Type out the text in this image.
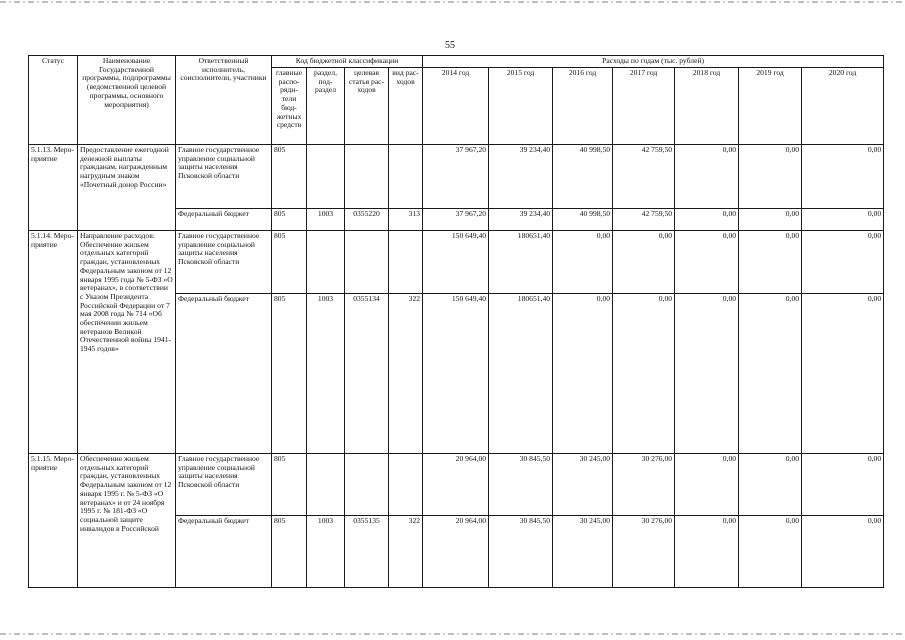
55
Статус	Наименование Государственной программы, подпрограммы (ведомственной целевой программы, основного мероприятия)	Ответственный исполнитель, соисполнители, участники	Код бюджетной классификации				Расходы по годам (тыс. рублей)						
			главные распо-ряди-тели бюд-жетных средств	раздел, под-раздел	целевая статья рас-ходов	вид рас-ходов	2014 год	2015 год	2016 год	2017 год	2018 год	2019 год	2020 год
5.1.13. Меро-приятие	Предоставление ежегодной денежной выплаты гражданам, награжденным нагрудным знаком «Почетный донор России»	Главное государственное управление социальной защиты населения Псковской области	805				37 967,20	39 234,40	40 998,50	42 759,50	0,00	0,00	0,00
		Федеральный бюджет	805	1003	0355220	313	37 967,20	39 234,40	40 998,50	42 759,50	0,00	0,00	0,00
5.1.14. Меро-приятие	Направление расходов: Обеспечение жильем отдельных категорий граждан, установленных Федеральным законом от 12 января 1995 года № 5-ФЗ «О ветеранах», в соответствии с Указом Президента Российской Федерации от 7 мая 2008 года № 714 «Об обеспечении жильем ветеранов Великой Отечественной войны 1941-1945 годов»	Главное государственное управление социальной защиты населения Псковской области	805				150 649,40	180651,40	0,00	0,00	0,00	0,00	0,00
		Федеральный бюджет	805	1003	0355134	322	150 649,40	180651,40	0,00	0,00	0,00	0,00	0,00
5.1.15. Меро-приятие	Обеспечение жильем отдельных категорий граждан, установленных Федеральным законом от 12 января 1995 г. № 5-ФЗ «О ветеранах» и от 24 ноября 1995 г. № 181-ФЗ «О социальной защите инвалидов в Российской	Главное государственное управление социальной защиты населения Псковской области	805				20 964,00	30 845,50	30 245,00	30 276,00	0,00	0,00	0,00
		Федеральный бюджет	805	1003	0355135	322	20 964,00	30 845,50	30 245,00	30 276,00	0,00	0,00	0,00
